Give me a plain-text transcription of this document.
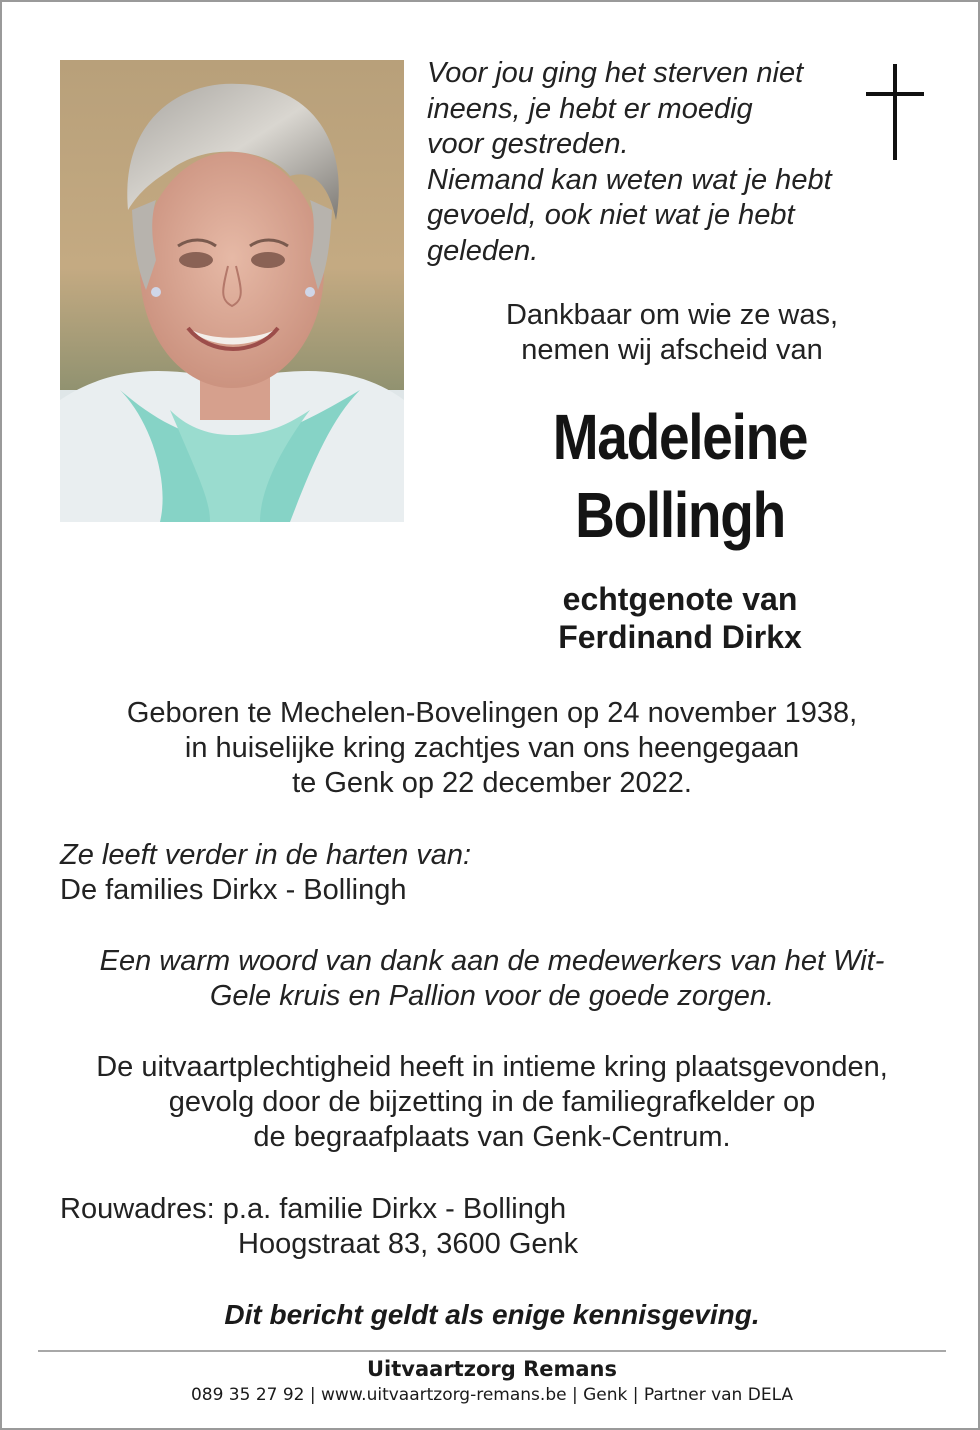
Voor jou ging het sterven niet
ineens, je hebt er moedig
voor gestreden.
Niemand kan weten wat je hebt
gevoeld, ook niet wat je hebt
geleden.
Dankbaar om wie ze was,
nemen wij afscheid van
Madeleine
Bollingh
echtgenote van
Ferdinand Dirkx
Geboren te Mechelen-Bovelingen op 24 november 1938,
in huiselijke kring zachtjes van ons heengegaan
te Genk op 22 december 2022.
Ze leeft verder in de harten van:
De families Dirkx - Bollingh
Een warm woord van dank aan de medewerkers van het Wit-
Gele kruis en Pallion voor de goede zorgen.
De uitvaartplechtigheid heeft in intieme kring plaatsgevonden,
gevolg door de bijzetting in de familiegrafkelder op
de begraafplaats van Genk-Centrum.
Rouwadres: p.a. familie Dirkx - Bollingh
Hoogstraat 83, 3600 Genk
Dit bericht geldt als enige kennisgeving.
Uitvaartzorg Remans
089 35 27 92 | www.uitvaartzorg-remans.be | Genk | Partner van DELA
